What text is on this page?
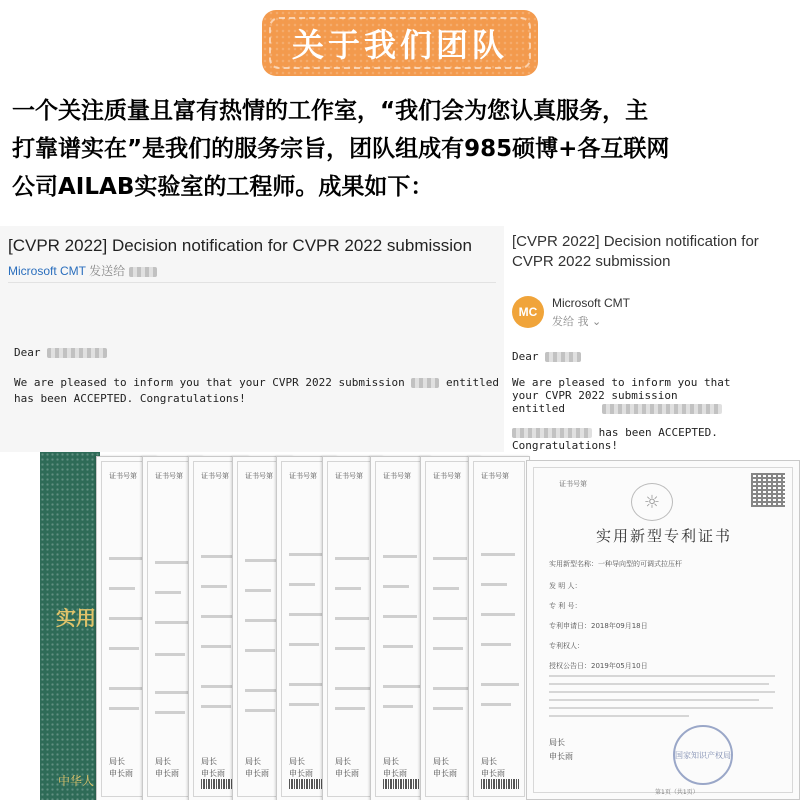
关于我们团队
一个关注质量且富有热情的工作室，“我们会为您认真服务，主
打靠谱实在”是我们的服务宗旨，团队组成有985硕博+各互联网
公司AILAB实验室的工程师。成果如下：
[CVPR 2022] Decision notification for CVPR 2022 submission
Microsoft CMT 发送给
Dear
We are pleased to inform you that your CVPR 2022 submission	entitled
has been ACCEPTED. Congratulations!
[CVPR 2022] Decision notification for CVPR 2022 submission
MC
Microsoft CMT
发给 我 ⌄
Dear
We are pleased to inform you that
your CVPR 2022 submission
entitled
has been ACCEPTED.
Congratulations!
实用
中华人
证书号第
局长
申长雨
证书号第
局长
申长雨
证书号第
局长
申长雨
证书号第
局长
申长雨
证书号第
局长
申长雨
证书号第
局长
申长雨
证书号第
局长
申长雨
证书号第
局长
申长雨
证书号第
局长
申长雨
证书号第
☼
实用新型专利证书
实用新型名称：一种导向型的可调式拉压杆
发 明 人：
专 利 号：
专利申请日：2018年09月18日
专利权人：
授权公告日：2019年05月10日
局长
申长雨	国家知识产权局
第1页（共1页）
